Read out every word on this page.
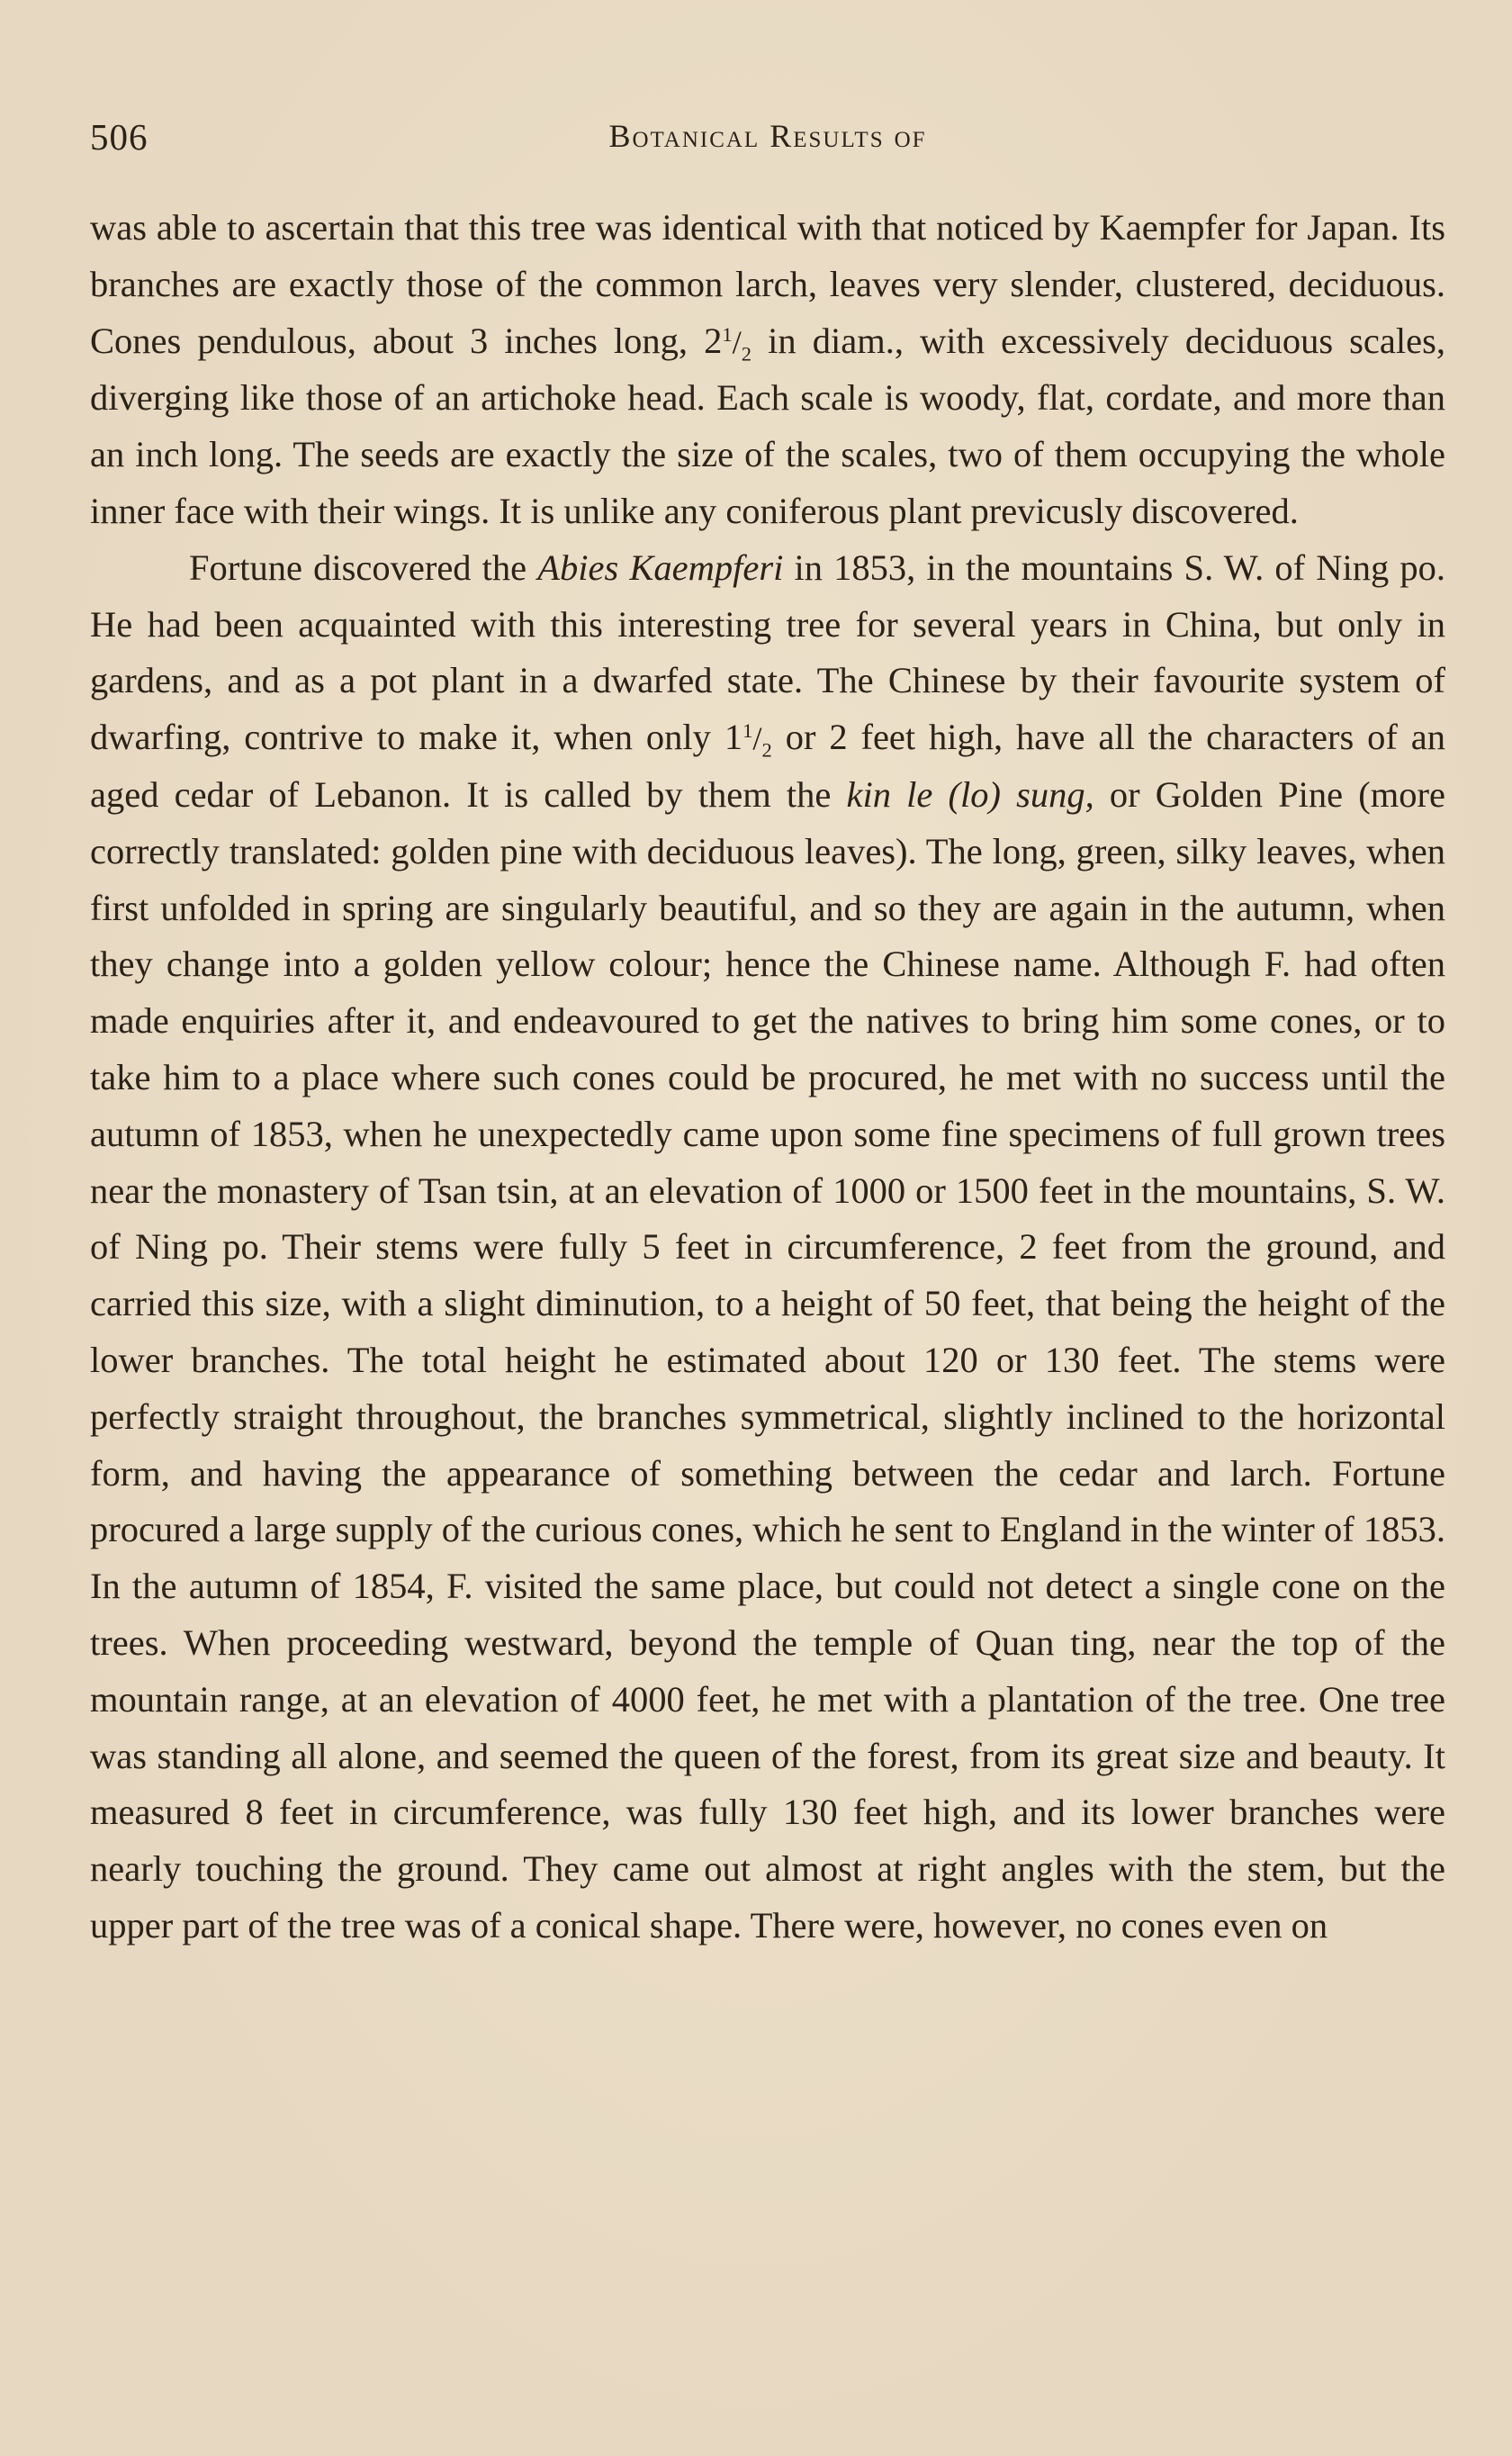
506	Botanical Results of

was able to ascertain that this tree was identical with that noticed by Kaempfer for Japan. Its branches are exactly those of the common larch, leaves very slender, clustered, deciduous. Cones pendulous, about 3 inches long, $2^1/_2$ in diam., with excessively deciduous scales, diverging like those of an artichoke head. Each scale is woody, flat, cordate, and more than an inch long. The seeds are exactly the size of the scales, two of them occupying the whole inner face with their wings. It is unlike any coniferous plant previcusly discovered.

Fortune discovered the Abies Kaempferi in 1853, in the mountains S. W. of Ning po. He had been acquainted with this interesting tree for several years in China, but only in gardens, and as a pot plant in a dwarfed state. The Chinese by their favourite system of dwarfing, contrive to make it, when only $1^1/_2$ or 2 feet high, have all the characters of an aged cedar of Lebanon. It is called by them the kin le (lo) sung, or Golden Pine (more correctly translated: golden pine with deciduous leaves). The long, green, silky leaves, when first unfolded in spring are singularly beautiful, and so they are again in the autumn, when they change into a golden yellow colour; hence the Chinese name. Although F. had often made enquiries after it, and endeavoured to get the natives to bring him some cones, or to take him to a place where such cones could be procured, he met with no success until the autumn of 1853, when he unexpectedly came upon some fine specimens of full grown trees near the monastery of Tsan tsin, at an elevation of 1000 or 1500 feet in the mountains, S. W. of Ning po. Their stems were fully 5 feet in circumference, 2 feet from the ground, and carried this size, with a slight diminution, to a height of 50 feet, that being the height of the lower branches. The total height he estimated about 120 or 130 feet. The stems were perfectly straight throughout, the branches symmetrical, slightly inclined to the horizontal form, and having the appearance of something between the cedar and larch. Fortune procured a large supply of the curious cones, which he sent to England in the winter of 1853. In the autumn of 1854, F. visited the same place, but could not detect a single cone on the trees. When proceeding westward, beyond the temple of Quan ting, near the top of the mountain range, at an elevation of 4000 feet, he met with a plantation of the tree. One tree was standing all alone, and seemed the queen of the forest, from its great size and beauty. It measured 8 feet in circumference, was fully 130 feet high, and its lower branches were nearly touching the ground. They came out almost at right angles with the stem, but the upper part of the tree was of a conical shape. There were, however, no cones even on
